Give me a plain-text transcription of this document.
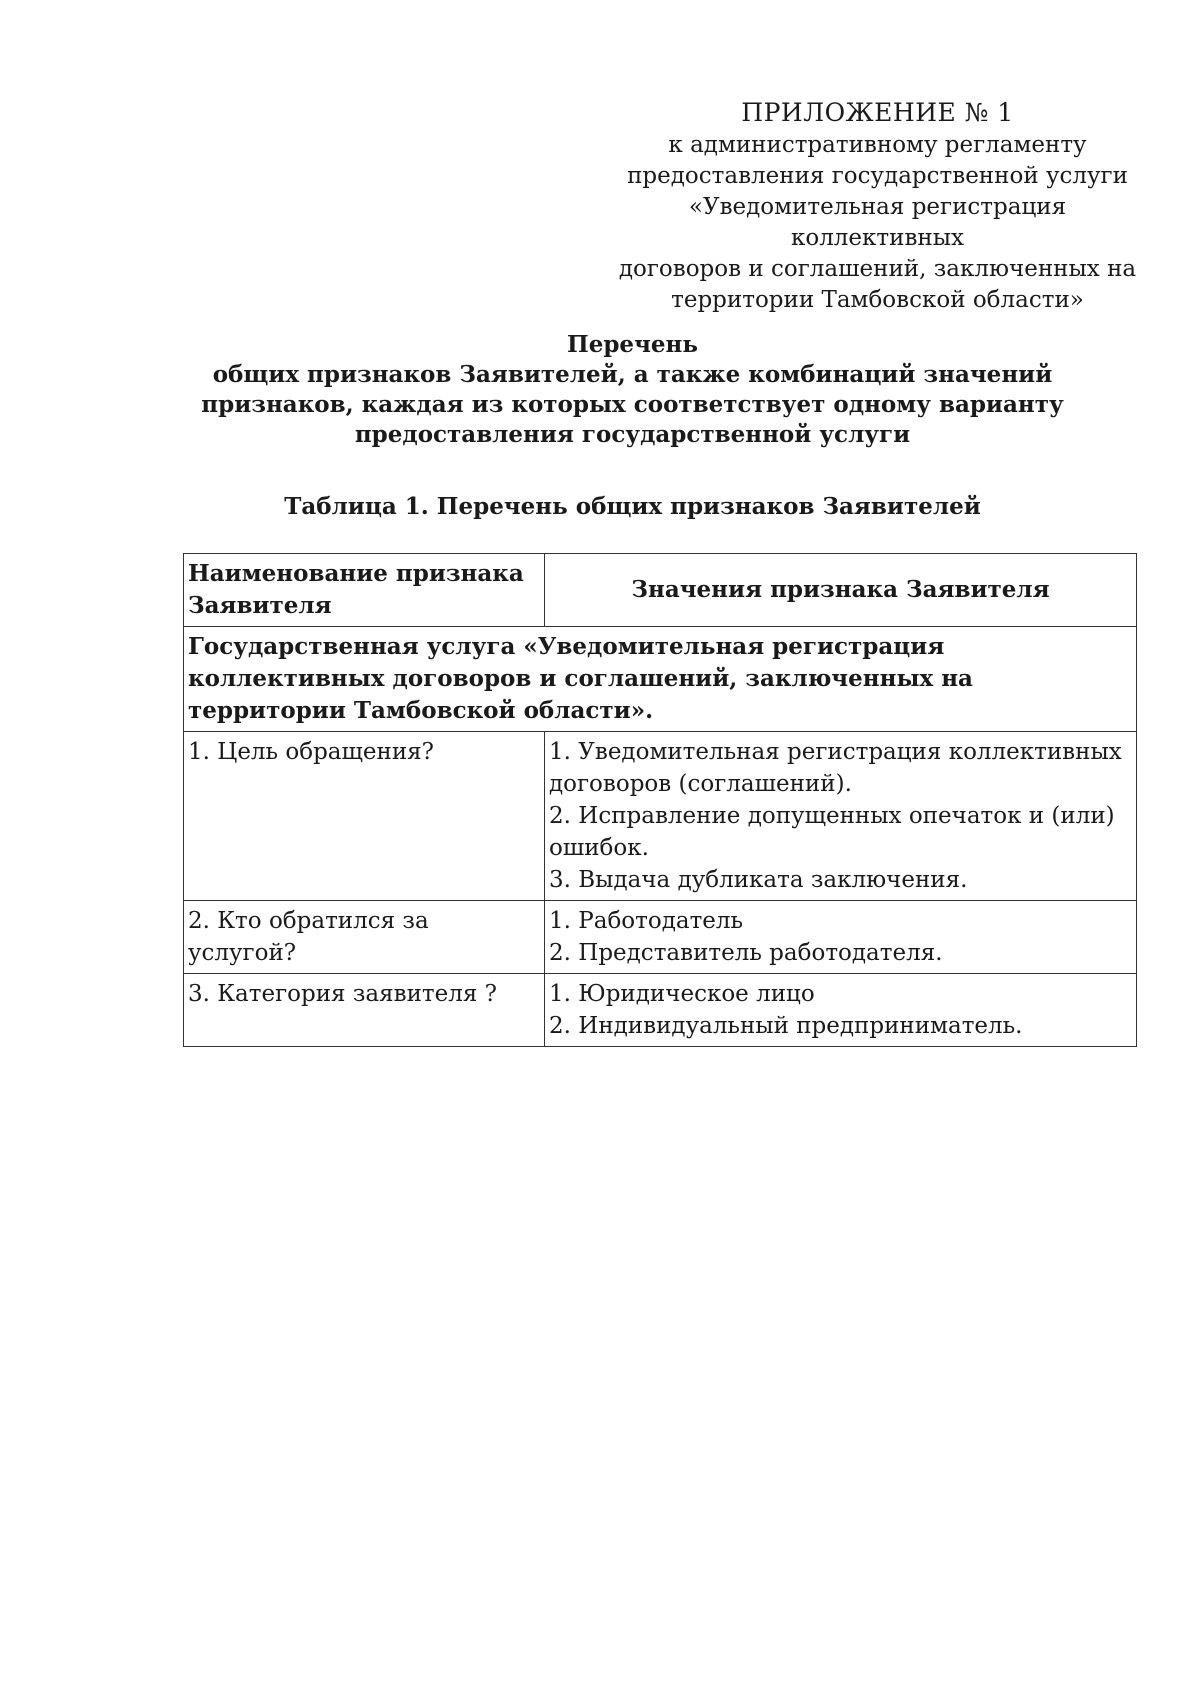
ПРИЛОЖЕНИЕ № 1
к административному регламенту
предоставления государственной услуги
«Уведомительная регистрация коллективных
договоров и соглашений, заключенных на
территории Тамбовской области»
Перечень
общих признаков Заявителей, а также комбинаций значений
признаков, каждая из которых соответствует одному варианту
предоставления государственной услуги
Таблица 1. Перечень общих признаков Заявителей
Наименование признака Заявителя	Значения признака Заявителя
Государственная услуга «Уведомительная регистрация коллективных договоров и соглашений, заключенных на территории Тамбовской области».	
1. Цель обращения?	1. Уведомительная регистрация коллективных договоров (соглашений).
2. Исправление допущенных опечаток и (или) ошибок.
3. Выдача дубликата заключения.

2. Кто обратился за услугой?	1. Работодатель
2. Представитель работодателя.

3. Категория заявителя ?	1. Юридическое лицо
2. Индивидуальный предприниматель.
